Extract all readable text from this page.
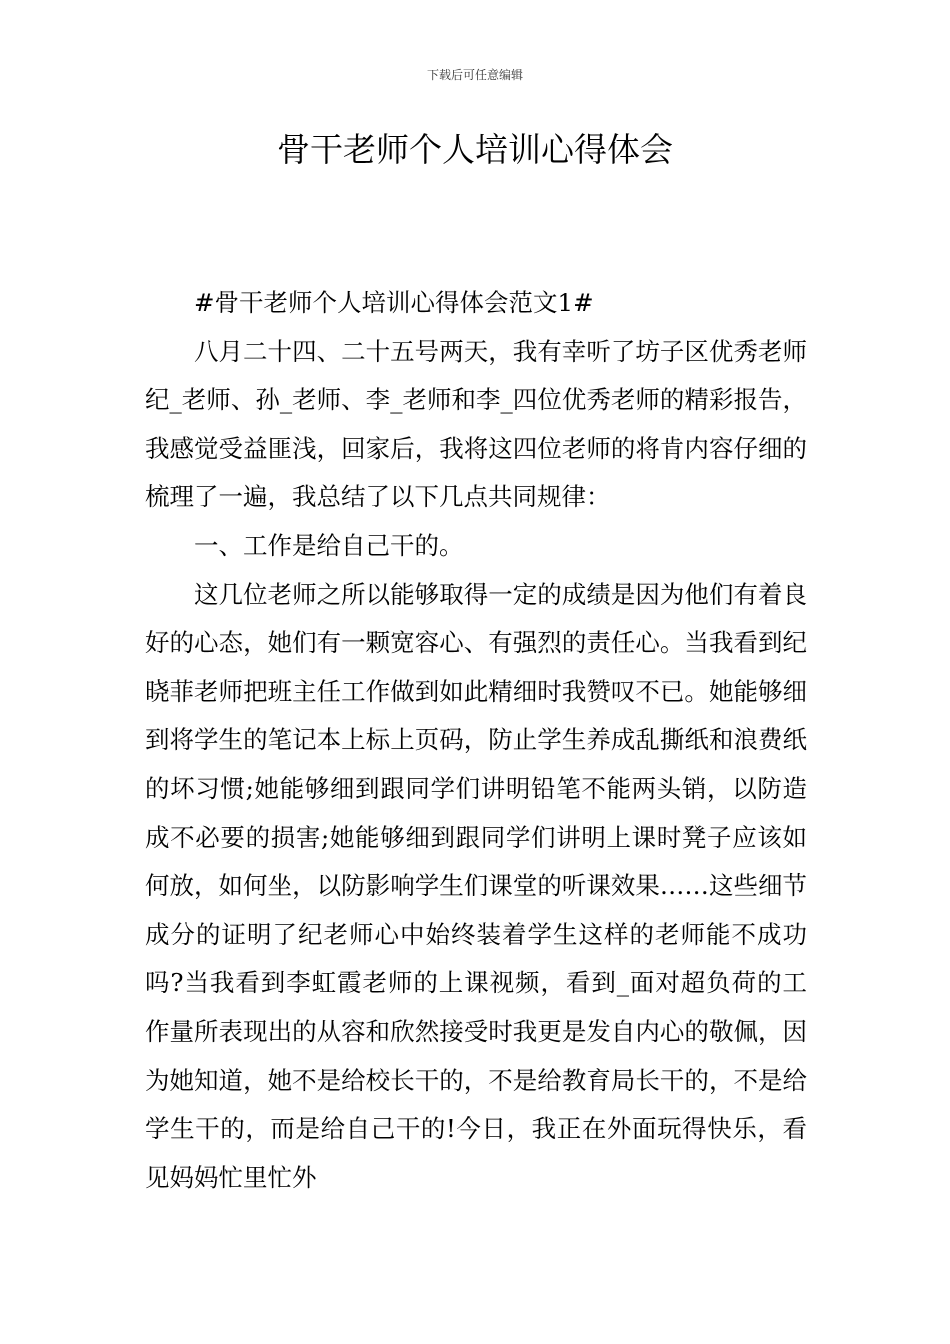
下载后可任意编辑
骨干老师个人培训心得体会

#骨干老师个人培训心得体会范文1#

八月二十四、二十五号两天，我有幸听了坊子区优秀老师纪_老师、孙_老师、李_老师和李_四位优秀老师的精彩报告，我感觉受益匪浅，回家后，我将这四位老师的将肯内容仔细的梳理了一遍，我总结了以下几点共同规律：

一、工作是给自己干的。

这几位老师之所以能够取得一定的成绩是因为他们有着良好的心态，她们有一颗宽容心、有强烈的责任心。当我看到纪晓菲老师把班主任工作做到如此精细时我赞叹不已。她能够细到将学生的笔记本上标上页码，防止学生养成乱撕纸和浪费纸的坏习惯;她能够细到跟同学们讲明铅笔不能两头销，以防造成不必要的损害;她能够细到跟同学们讲明上课时凳子应该如何放，如何坐，以防影响学生们课堂的听课效果……这些细节成分的证明了纪老师心中始终装着学生这样的老师能不成功吗?当我看到李虹霞老师的上课视频，看到_面对超负荷的工作量所表现出的从容和欣然接受时我更是发自内心的敬佩，因为她知道，她不是给校长干的，不是给教育局长干的，不是给学生干的，而是给自己干的!今日，我正在外面玩得快乐，看见妈妈忙里忙外
